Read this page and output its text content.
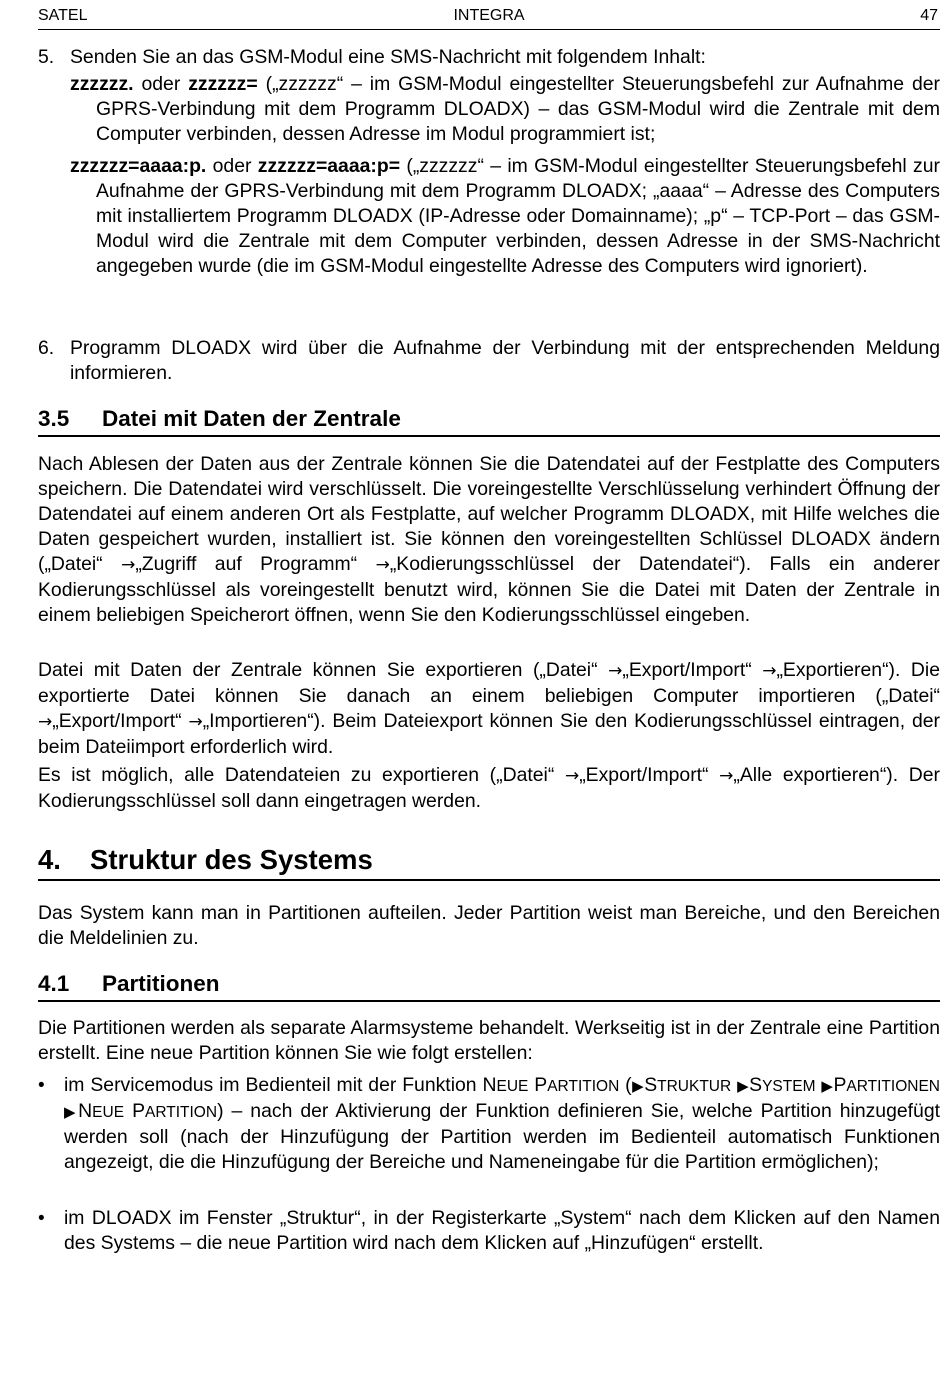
SATEL	INTEGRA	47
5. Senden Sie an das GSM-Modul eine SMS-Nachricht mit folgendem Inhalt:
zzzzzz. oder zzzzzz= („zzzzzz“ – im GSM-Modul eingestellter Steuerungsbefehl zur Aufnahme der GPRS-Verbindung mit dem Programm DLOADX) – das GSM-Modul wird die Zentrale mit dem Computer verbinden, dessen Adresse im Modul programmiert ist;
zzzzzz=aaaa:p. oder zzzzzz=aaaa:p= („zzzzzz“ – im GSM-Modul eingestellter Steuerungsbefehl zur Aufnahme der GPRS-Verbindung mit dem Programm DLOADX; „aaaa“ – Adresse des Computers mit installiertem Programm DLOADX (IP-Adresse oder Domainname); „p“ – TCP-Port – das GSM-Modul wird die Zentrale mit dem Computer verbinden, dessen Adresse in der SMS-Nachricht angegeben wurde (die im GSM-Modul eingestellte Adresse des Computers wird ignoriert).
6. Programm DLOADX wird über die Aufnahme der Verbindung mit der entsprechenden Meldung informieren.
3.5 Datei mit Daten der Zentrale
Nach Ablesen der Daten aus der Zentrale können Sie die Datendatei auf der Festplatte des Computers speichern. Die Datendatei wird verschlüsselt. Die voreingestellte Verschlüsselung verhindert Öffnung der Datendatei auf einem anderen Ort als Festplatte, auf welcher Programm DLOADX, mit Hilfe welches die Daten gespeichert wurden, installiert ist. Sie können den voreingestellten Schlüssel DLOADX ändern („Datei“ →„Zugriff auf Programm“ →„Kodierungsschlüssel der Datendatei“). Falls ein anderer Kodierungsschlüssel als voreingestellt benutzt wird, können Sie die Datei mit Daten der Zentrale in einem beliebigen Speicherort öffnen, wenn Sie den Kodierungsschlüssel eingeben.
Datei mit Daten der Zentrale können Sie exportieren („Datei“ →„Export/Import“ →„Exportieren“). Die exportierte Datei können Sie danach an einem beliebigen Computer importieren („Datei“ →„Export/Import“ →„Importieren“). Beim Dateiexport können Sie den Kodierungsschlüssel eintragen, der beim Dateiimport erforderlich wird.
Es ist möglich, alle Datendateien zu exportieren („Datei“ →„Export/Import“ →„Alle exportieren“). Der Kodierungsschlüssel soll dann eingetragen werden.
4. Struktur des Systems
Das System kann man in Partitionen aufteilen. Jeder Partition weist man Bereiche, und den Bereichen die Meldelinien zu.
4.1 Partitionen
Die Partitionen werden als separate Alarmsysteme behandelt. Werkseitig ist in der Zentrale eine Partition erstellt. Eine neue Partition können Sie wie folgt erstellen:
• im Servicemodus im Bedienteil mit der Funktion NEUE PARTITION (▶STRUKTUR ▶SYSTEM ▶PARTITIONEN ▶NEUE PARTITION) – nach der Aktivierung der Funktion definieren Sie, welche Partition hinzugefügt werden soll (nach der Hinzufügung der Partition werden im Bedienteil automatisch Funktionen angezeigt, die die Hinzufügung der Bereiche und Nameneingabe für die Partition ermöglichen);
• im DLOADX im Fenster „Struktur“, in der Registerkarte „System“ nach dem Klicken auf den Namen des Systems – die neue Partition wird nach dem Klicken auf „Hinzufügen“ erstellt.
